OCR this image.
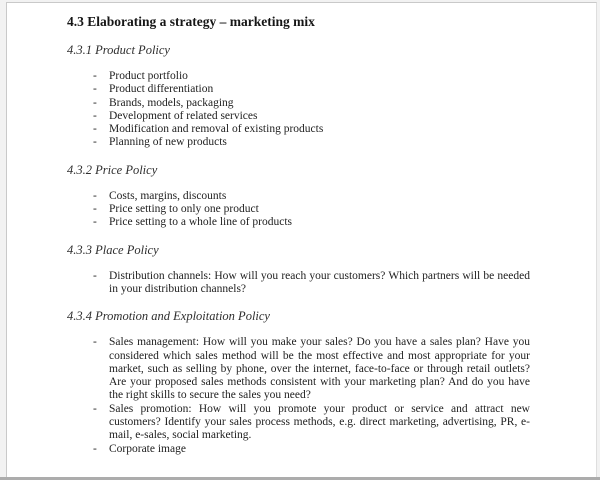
4.3 Elaborating a strategy – marketing mix
4.3.1 Product Policy
-	Product portfolio
-	Product differentiation
-	Brands, models, packaging
-	Development of related services
-	Modification and removal of existing products
-	Planning of new products
4.3.2 Price Policy
-	Costs, margins, discounts
-	Price setting to only one product
-	Price setting to a whole line of products
4.3.3 Place Policy
-	Distribution channels: How will you reach your customers? Which partners will be needed in your distribution channels?
4.3.4 Promotion and Exploitation Policy
-	Sales management: How will you make your sales? Do you have a sales plan? Have you considered which sales method will be the most effective and most appropriate for your market, such as selling by phone, over the internet, face-to-face or through retail outlets? Are your proposed sales methods consistent with your marketing plan? And do you have the right skills to secure the sales you need?
-	Sales promotion: How will you promote your product or service and attract new customers? Identify your sales process methods, e.g. direct marketing, advertising, PR, e-mail, e-sales, social marketing.
-	Corporate image
